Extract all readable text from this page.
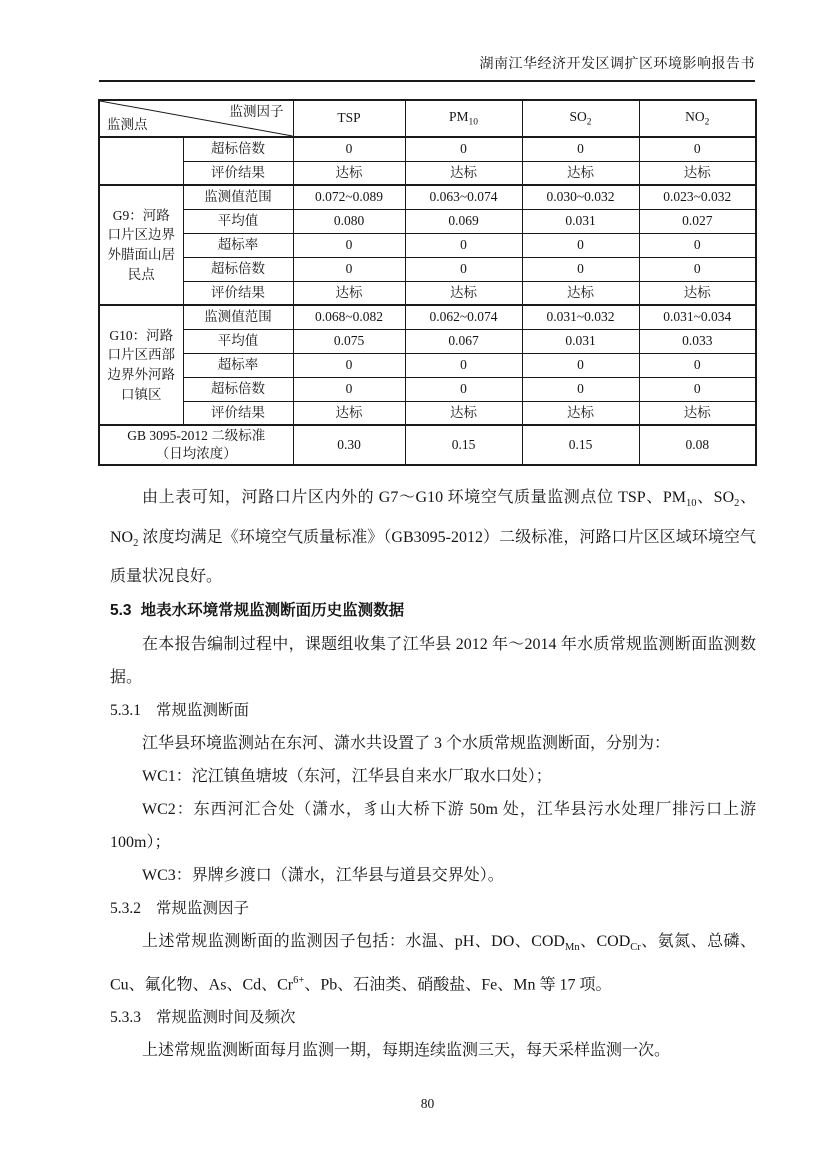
湖南江华经济开发区调扩区环境影响报告书
监测因子
监测点		TSP	$PM_{10}$	$SO_2$	$NO_2$
	超标倍数	0	0	0	0
	评价结果	达标	达标	达标	达标
G9：河路口片区边界外腊面山居民点	监测值范围	0.072~0.089	0.063~0.074	0.030~0.032	0.023~0.032
	平均值	0.080	0.069	0.031	0.027
	超标率	0	0	0	0
	超标倍数	0	0	0	0
	评价结果	达标	达标	达标	达标
G10：河路口片区西部边界外河路口镇区	监测值范围	0.068~0.082	0.062~0.074	0.031~0.032	0.031~0.034
	平均值	0.075	0.067	0.031	0.033
	超标率	0	0	0	0
	超标倍数	0	0	0	0
	评价结果	达标	达标	达标	达标
GB 3095-2012 二级标准
（日均浓度）		0.30	0.15	0.15	0.08

由上表可知，河路口片区内外的 G7～G10 环境空气质量监测点位 TSP、$PM_{10}$、$SO_2$、$NO_2$ 浓度均满足《环境空气质量标准》（GB3095-2012）二级标准，河路口片区区域环境空气质量状况良好。

5.3 地表水环境常规监测断面历史监测数据

在本报告编制过程中，课题组收集了江华县 2012 年～2014 年水质常规监测断面监测数据。

5.3.1 常规监测断面

江华县环境监测站在东河、潇水共设置了 3 个水质常规监测断面，分别为：

WC1：沱江镇鱼塘坡（东河，江华县自来水厂取水口处）；

WC2：东西河汇合处（潇水，豸山大桥下游 50m 处，江华县污水处理厂排污口上游 100m）；

WC3：界牌乡渡口（潇水，江华县与道县交界处）。

5.3.2 常规监测因子

上述常规监测断面的监测因子包括：水温、pH、DO、$COD_{Mn}$、$COD_{Cr}$、氨氮、总磷、Cu、氟化物、As、Cd、$Cr^{6+}$、Pb、石油类、硝酸盐、Fe、Mn 等 17 项。

5.3.3 常规监测时间及频次

上述常规监测断面每月监测一期，每期连续监测三天，每天采样监测一次。

80
